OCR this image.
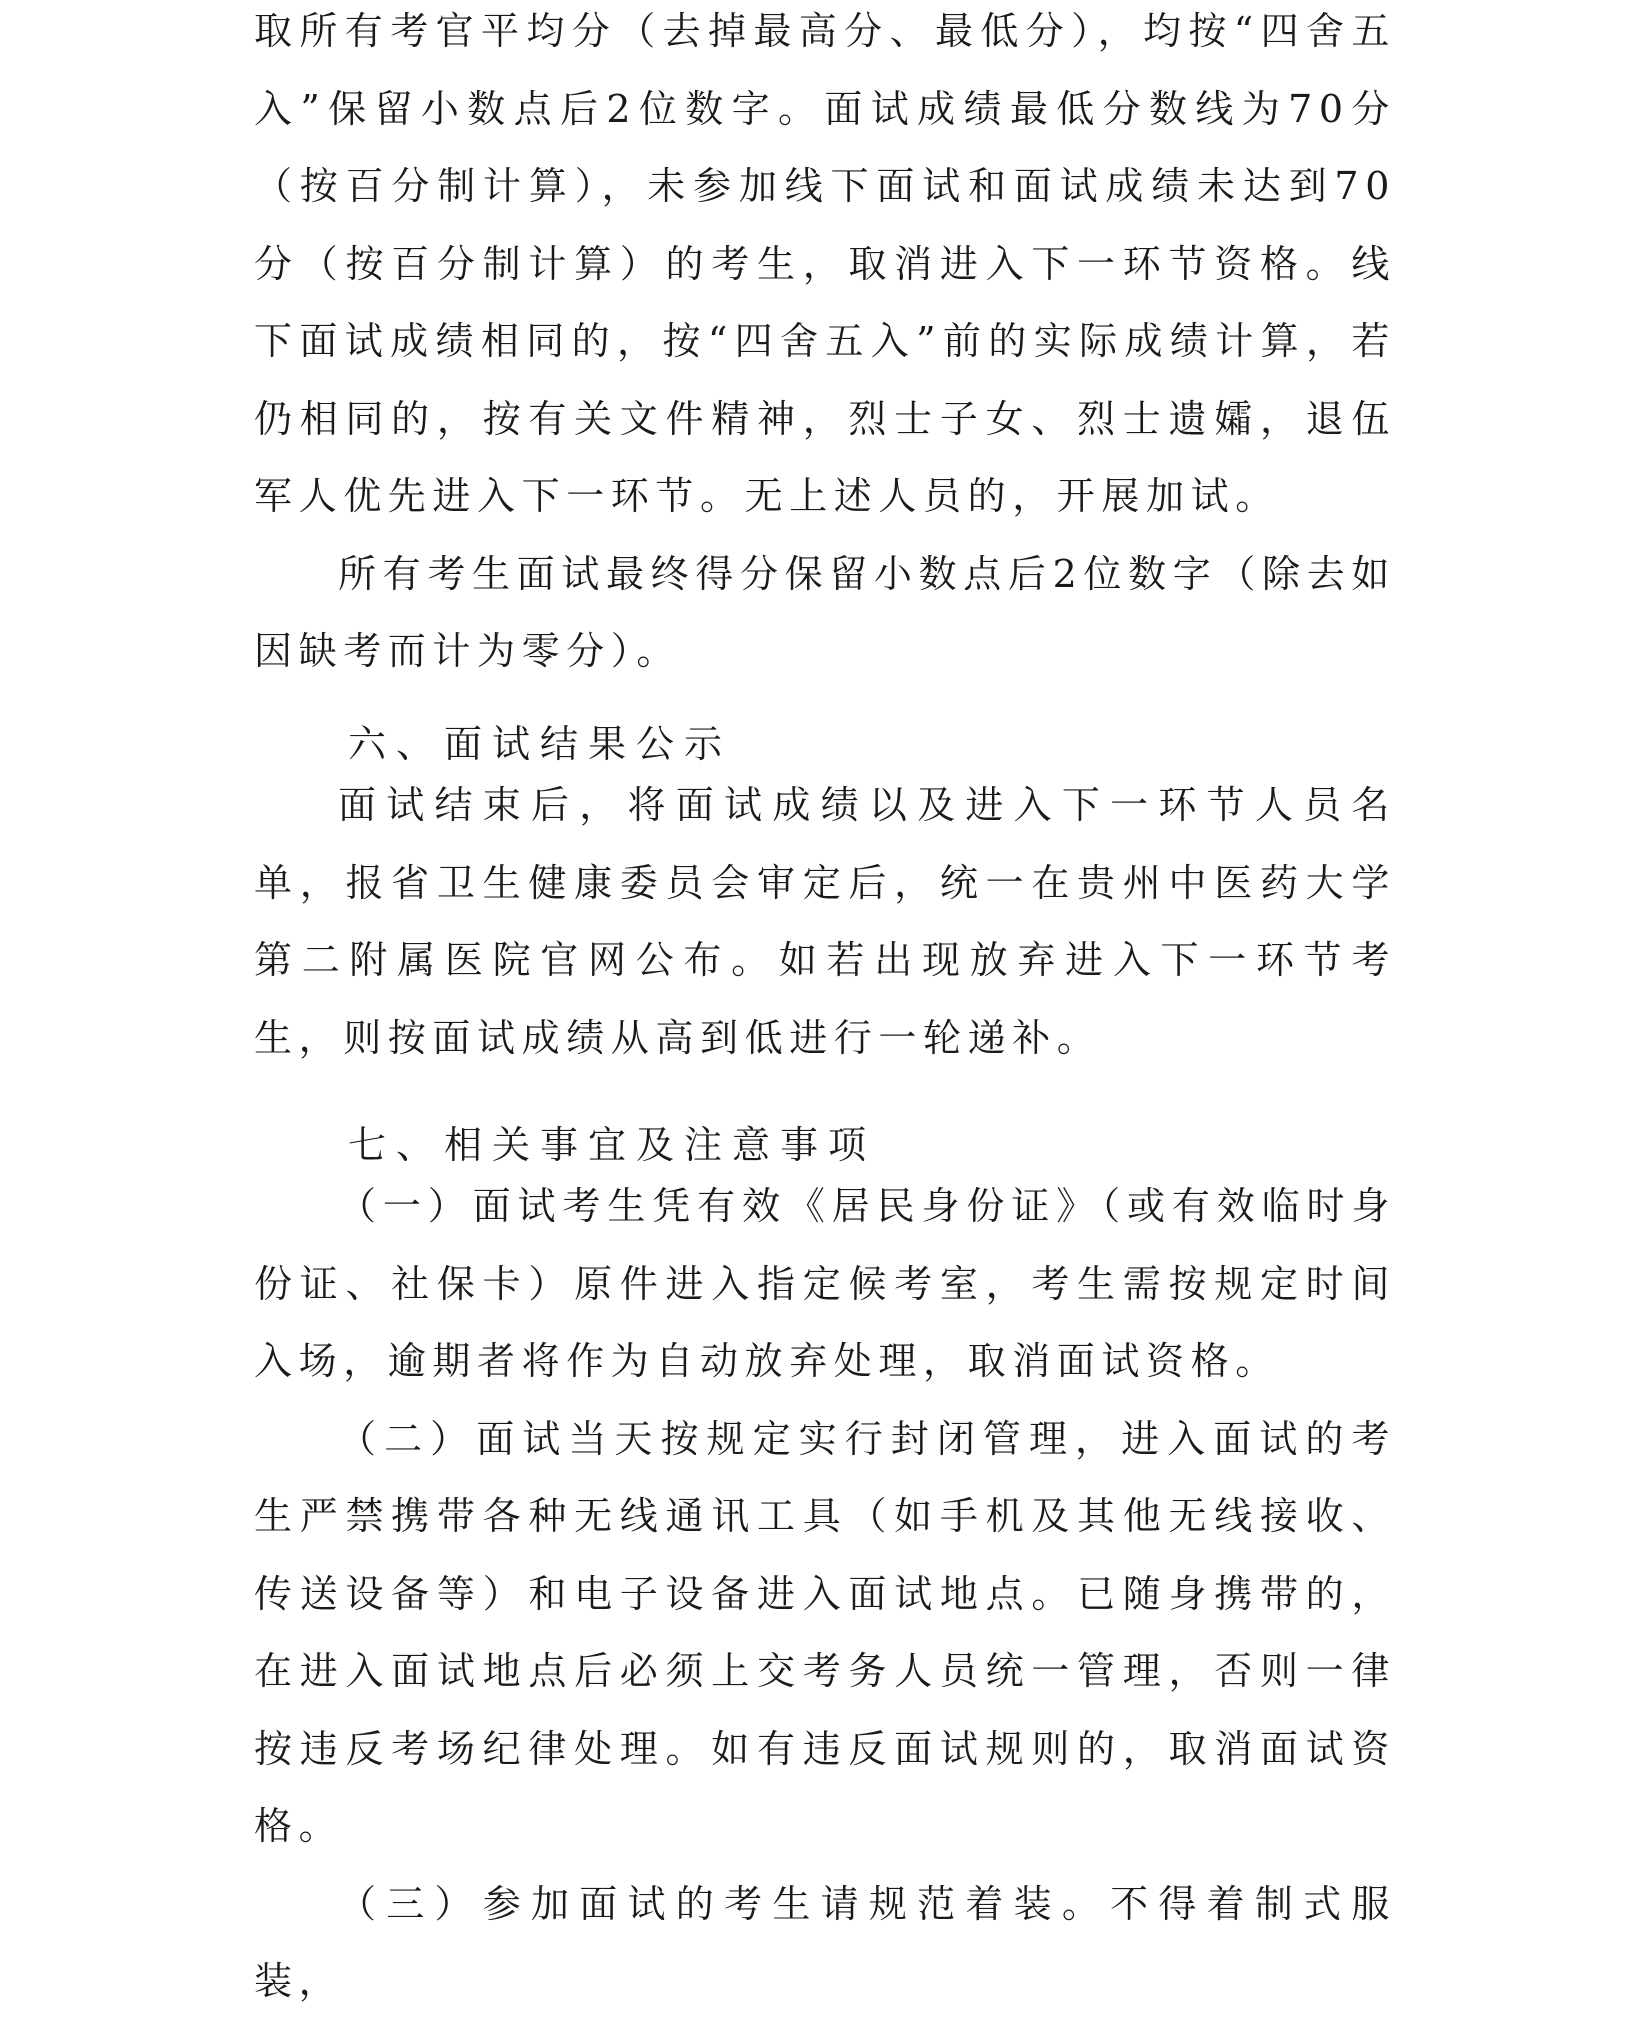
取所有考官平均分（去掉最高分、最低分），均按“四舍五入”保留小数点后2位数字。面试成绩最低分数线为70分（按百分制计算），未参加线下面试和面试成绩未达到70分（按百分制计算）的考生，取消进入下一环节资格。线下面试成绩相同的，按“四舍五入”前的实际成绩计算，若仍相同的，按有关文件精神，烈士子女、烈士遗孀，退伍军人优先进入下一环节。无上述人员的，开展加试。

所有考生面试最终得分保留小数点后2位数字（除去如因缺考而计为零分）。

六、面试结果公示

面试结束后，将面试成绩以及进入下一环节人员名单，报省卫生健康委员会审定后，统一在贵州中医药大学第二附属医院官网公布。如若出现放弃进入下一环节考生，则按面试成绩从高到低进行一轮递补。

七、相关事宜及注意事项

（一）面试考生凭有效《居民身份证》（或有效临时身份证、社保卡）原件进入指定候考室，考生需按规定时间入场，逾期者将作为自动放弃处理，取消面试资格。

（二）面试当天按规定实行封闭管理，进入面试的考生严禁携带各种无线通讯工具（如手机及其他无线接收、传送设备等）和电子设备进入面试地点。已随身携带的，在进入面试地点后必须上交考务人员统一管理，否则一律按违反考场纪律处理。如有违反面试规则的，取消面试资格。

（三）参加面试的考生请规范着装。不得着制式服装，
